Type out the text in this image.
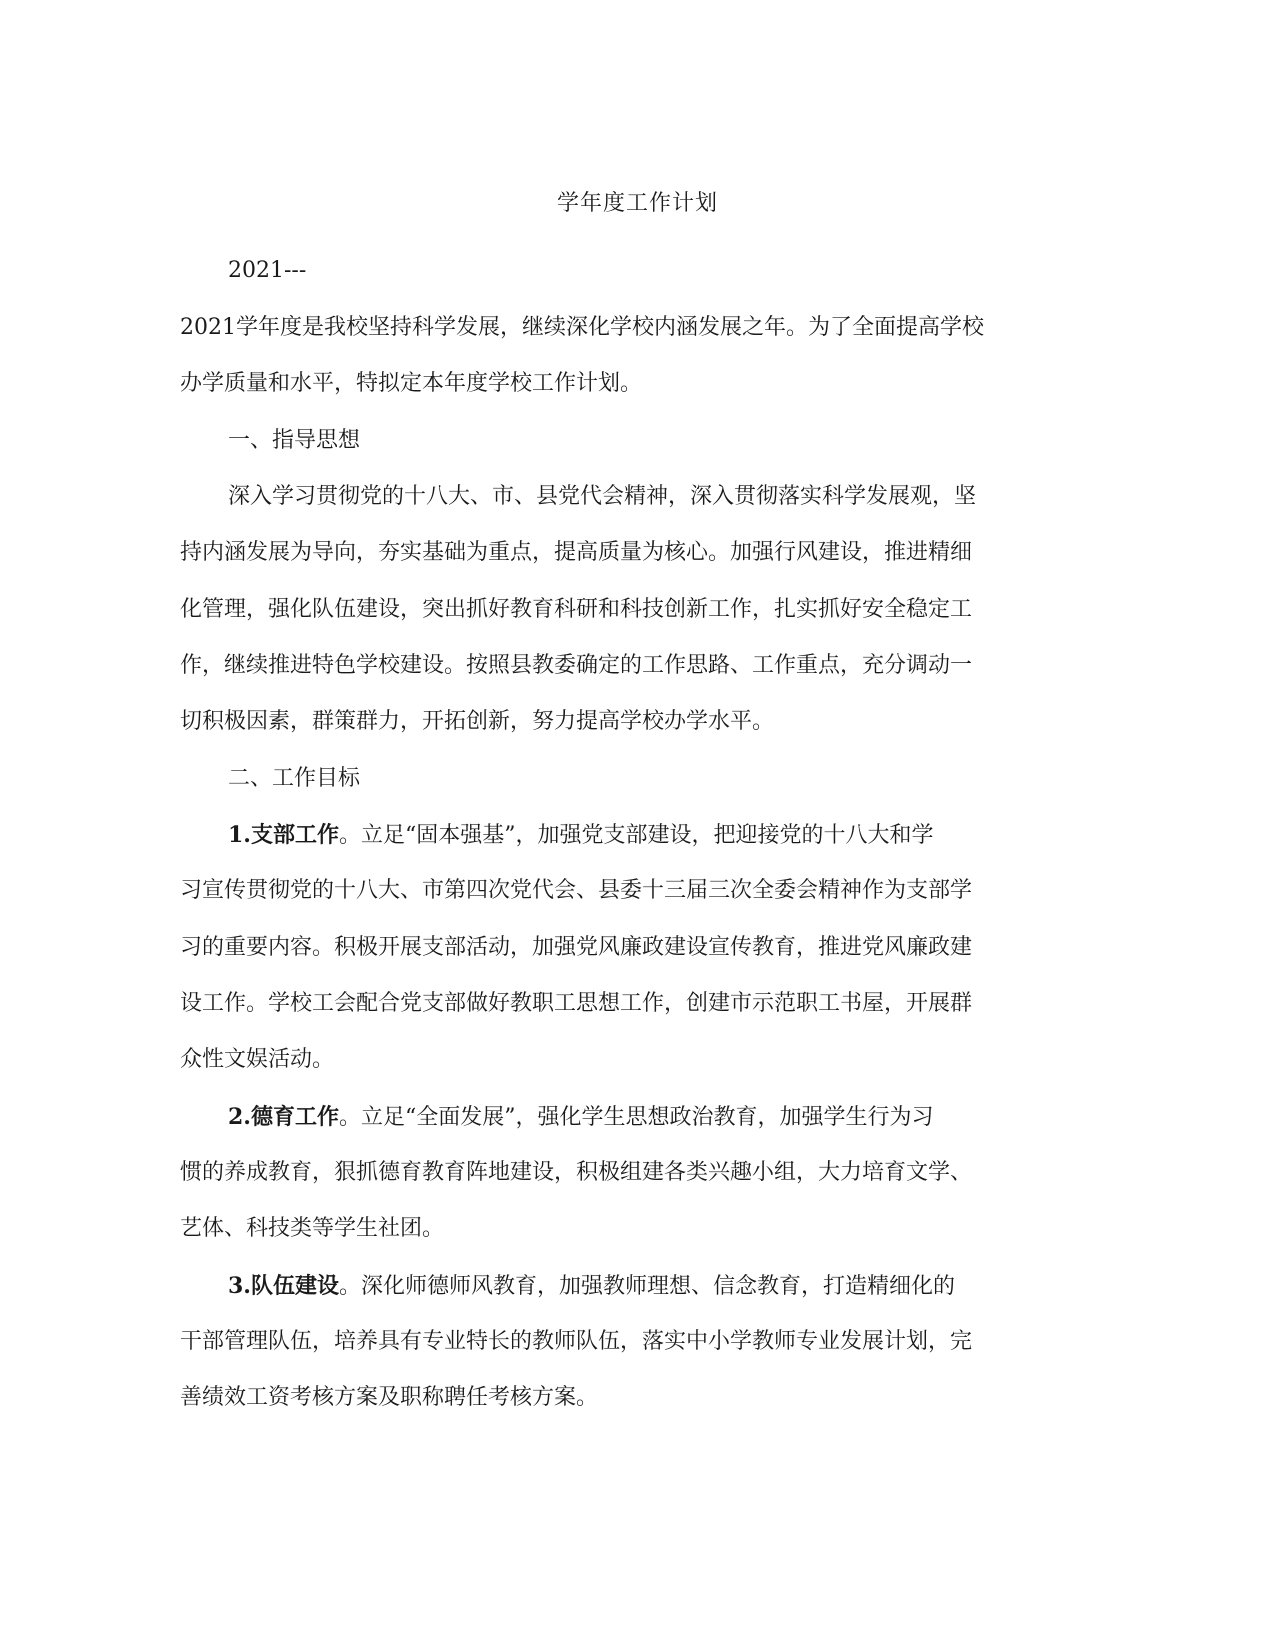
学年度工作计划
2021---
2021学年度是我校坚持科学发展，继续深化学校内涵发展之年。为了全面提高学校
办学质量和水平，特拟定本年度学校工作计划。
一、指导思想
深入学习贯彻党的十八大、市、县党代会精神，深入贯彻落实科学发展观，坚
持内涵发展为导向，夯实基础为重点，提高质量为核心。加强行风建设，推进精细
化管理，强化队伍建设，突出抓好教育科研和科技创新工作，扎实抓好安全稳定工
作，继续推进特色学校建设。按照县教委确定的工作思路、工作重点，充分调动一
切积极因素，群策群力，开拓创新，努力提高学校办学水平。
二、工作目标
1.支部工作。立足“固本强基”，加强党支部建设，把迎接党的十八大和学
习宣传贯彻党的十八大、市第四次党代会、县委十三届三次全委会精神作为支部学
习的重要内容。积极开展支部活动，加强党风廉政建设宣传教育，推进党风廉政建
设工作。学校工会配合党支部做好教职工思想工作，创建市示范职工书屋，开展群
众性文娱活动。
2.德育工作。立足“全面发展”，强化学生思想政治教育，加强学生行为习
惯的养成教育，狠抓德育教育阵地建设，积极组建各类兴趣小组，大力培育文学、
艺体、科技类等学生社团。
3.队伍建设。深化师德师风教育，加强教师理想、信念教育，打造精细化的
干部管理队伍，培养具有专业特长的教师队伍，落实中小学教师专业发展计划，完
善绩效工资考核方案及职称聘任考核方案。
